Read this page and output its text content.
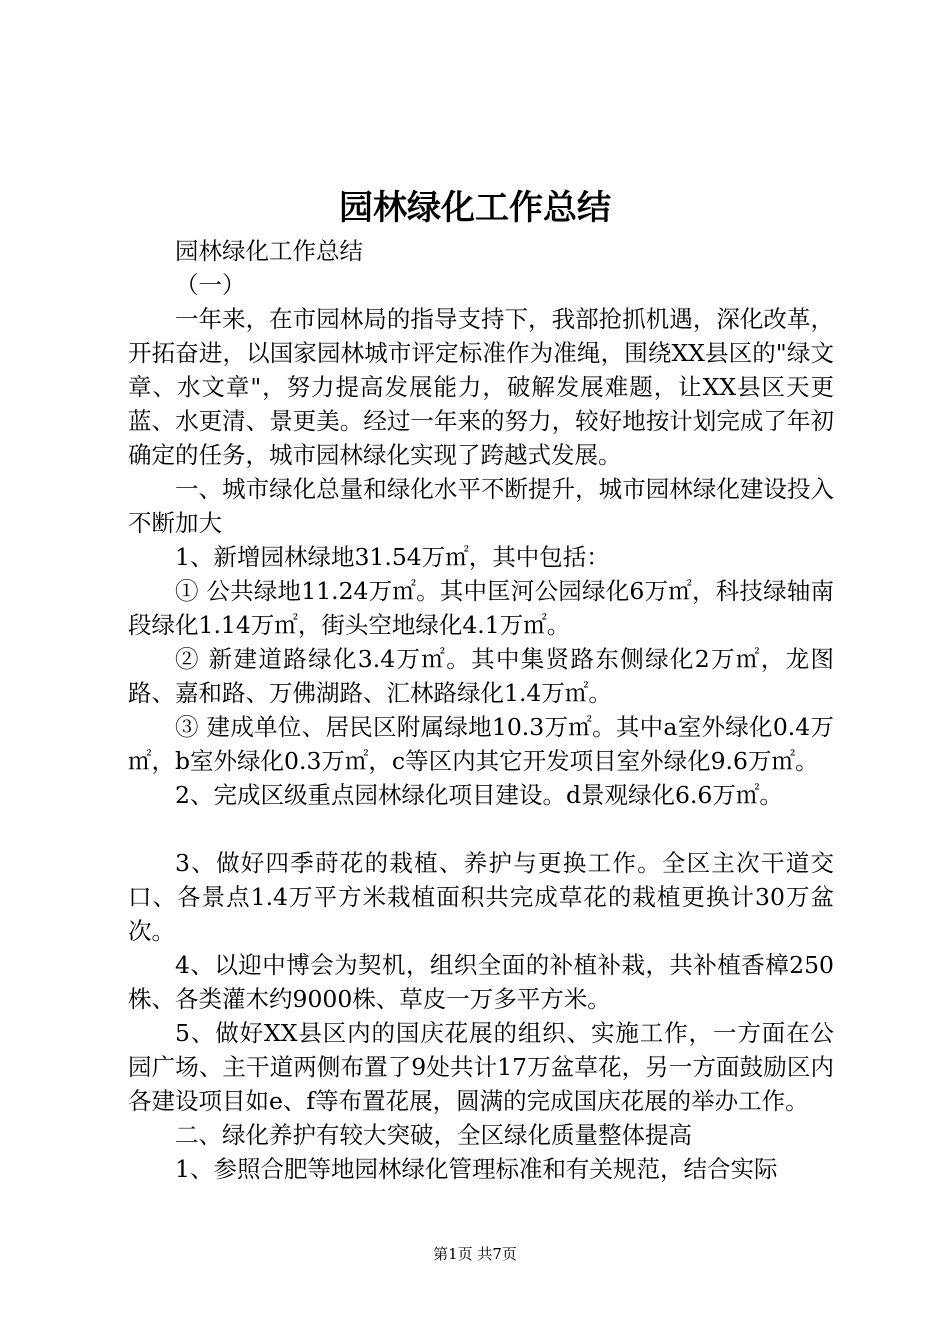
园林绿化工作总结

园林绿化工作总结

（一）

一年来，在市园林局的指导支持下，我部抢抓机遇，深化改革，开拓奋进，以国家园林城市评定标准作为准绳，围绕XX县区的"绿文章、水文章"，努力提高发展能力，破解发展难题，让XX县区天更蓝、水更清、景更美。经过一年来的努力，较好地按计划完成了年初确定的任务，城市园林绿化实现了跨越式发展。

一、城市绿化总量和绿化水平不断提升，城市园林绿化建设投入不断加大

1、新增园林绿地31.54万㎡，其中包括：

① 公共绿地11.24万㎡。其中匡河公园绿化6万㎡，科技绿轴南段绿化1.14万㎡，街头空地绿化4.1万㎡。

② 新建道路绿化3.4万㎡。其中集贤路东侧绿化2万㎡，龙图路、嘉和路、万佛湖路、汇林路绿化1.4万㎡。

③ 建成单位、居民区附属绿地10.3万㎡。其中a室外绿化0.4万㎡，b室外绿化0.3万㎡，c等区内其它开发项目室外绿化9.6万㎡。

2、完成区级重点园林绿化项目建设。d景观绿化6.6万㎡。

3、做好四季莳花的栽植、养护与更换工作。全区主次干道交口、各景点1.4万平方米栽植面积共完成草花的栽植更换计30万盆次。

4、以迎中博会为契机，组织全面的补植补栽，共补植香樟250株、各类灌木约9000株、草皮一万多平方米。

5、做好XX县区内的国庆花展的组织、实施工作，一方面在公园广场、主干道两侧布置了9处共计17万盆草花，另一方面鼓励区内各建设项目如e、f等布置花展，圆满的完成国庆花展的举办工作。

二、绿化养护有较大突破，全区绿化质量整体提高

1、参照合肥等地园林绿化管理标准和有关规范，结合实际

第1页 共7页
